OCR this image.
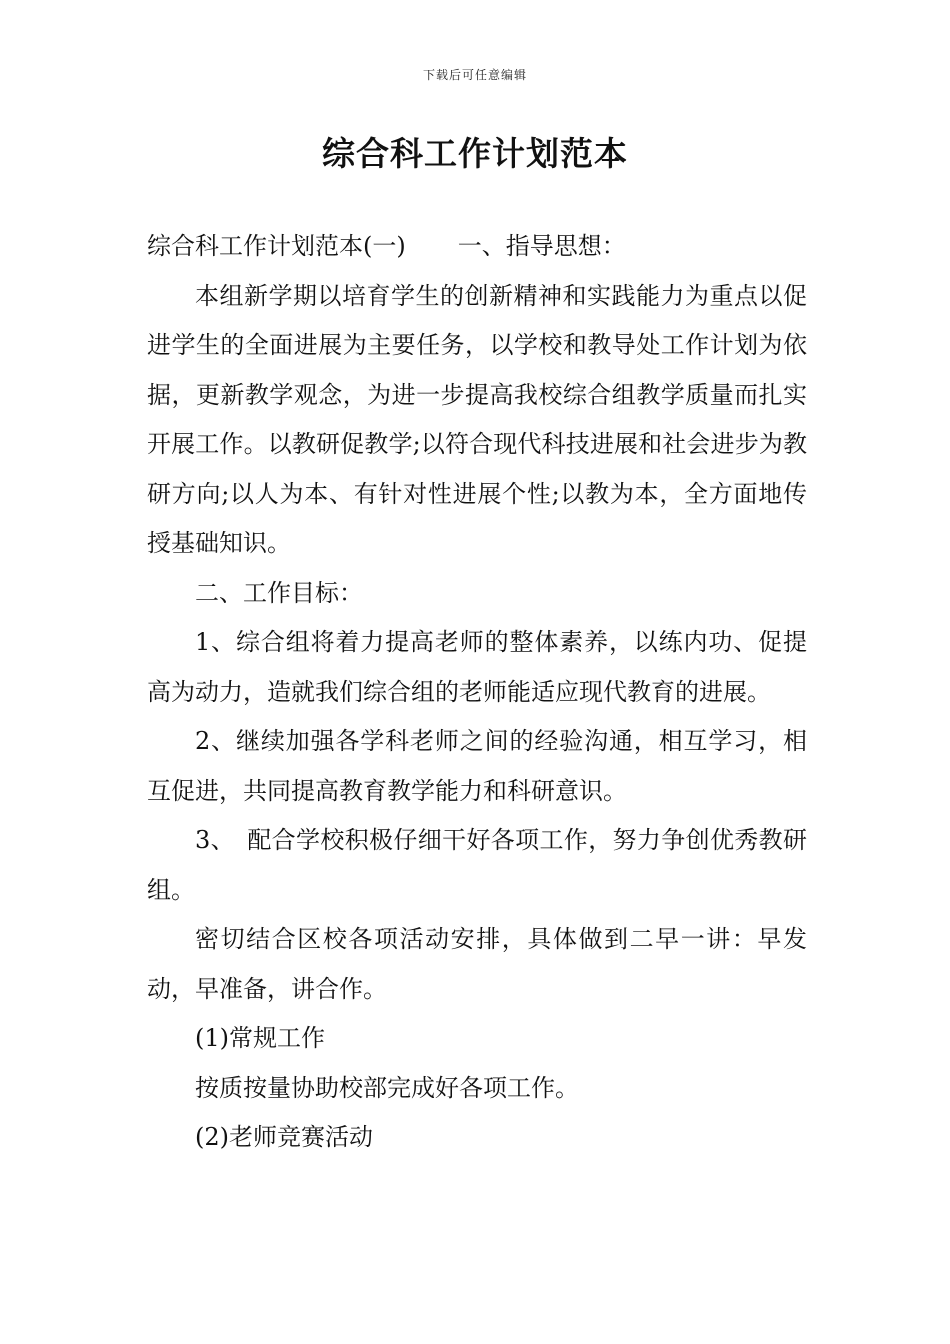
下载后可任意编辑
综合科工作计划范本

综合科工作计划范本(一) 一、指导思想：

本组新学期以培育学生的创新精神和实践能力为重点以促进学生的全面进展为主要任务，以学校和教导处工作计划为依据，更新教学观念，为进一步提高我校综合组教学质量而扎实开展工作。以教研促教学;以符合现代科技进展和社会进步为教研方向;以人为本、有针对性进展个性;以教为本，全方面地传授基础知识。

二、工作目标：

1、综合组将着力提高老师的整体素养，以练内功、促提高为动力，造就我们综合组的老师能适应现代教育的进展。

2、继续加强各学科老师之间的经验沟通，相互学习，相互促进，共同提高教育教学能力和科研意识。

3、　配合学校积极仔细干好各项工作，努力争创优秀教研组。

密切结合区校各项活动安排，具体做到二早一讲：早发动，早准备，讲合作。

(1)常规工作

按质按量协助校部完成好各项工作。

(2)老师竞赛活动
